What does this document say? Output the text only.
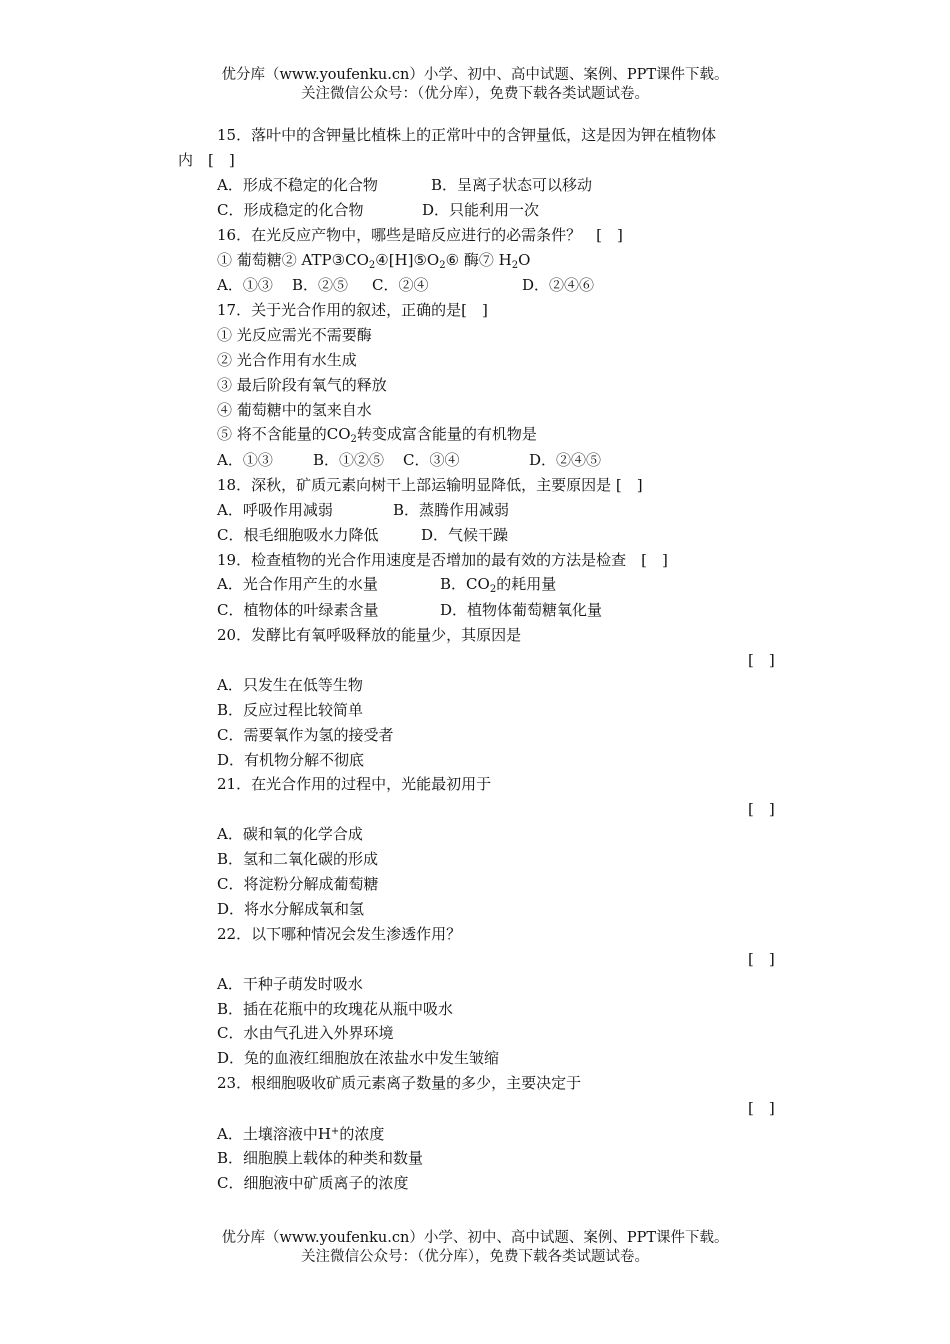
优分库（www.youfenku.cn）小学、初中、高中试题、案例、PPT课件下载。
关注微信公众号：（优分库），免费下载各类试题试卷。
15．落叶中的含钾量比植株上的正常叶中的含钾量低，这是因为钾在植物体
内　[　]
A．形成不稳定的化合物	B．呈离子状态可以移动
C．形成稳定的化合物	D．只能利用一次
16．在光反应产物中，哪些是暗反应进行的必需条件？　[　]
① 葡萄糖② $ATP③CO_2④[H]⑤O_2⑥$ 酶⑦ $H_2O$
A．①③ B．②⑤ C．②④	D．②④⑥
17．关于光合作用的叙述，正确的是[　]
① 光反应需光不需要酶
② 光合作用有水生成
③ 最后阶段有氧气的释放
④ 葡萄糖中的氢来自水
⑤ 将不含能量的$CO_2$转变成富含能量的有机物是
A．①③	B．①②⑤ C．③④	D．②④⑤
18．深秋，矿质元素向树干上部运输明显降低，主要原因是 [　]
A．呼吸作用减弱	B．蒸腾作用减弱
C．根毛细胞吸水力降低	D．气候干躁
19．检查植物的光合作用速度是否增加的最有效的方法是检查　[　]
A．光合作用产生的水量	B．$CO_2$的耗用量
C．植物体的叶绿素含量	D．植物体葡萄糖氧化量
20．发酵比有氧呼吸释放的能量少，其原因是
[　]
A．只发生在低等生物
B．反应过程比较简单
C．需要氧作为氢的接受者
D．有机物分解不彻底
21．在光合作用的过程中，光能最初用于
[　]
A．碳和氧的化学合成
B．氢和二氧化碳的形成
C．将淀粉分解成葡萄糖
D．将水分解成氧和氢
22．以下哪种情况会发生渗透作用？
[　]
A．干种子萌发时吸水
B．插在花瓶中的玫瑰花从瓶中吸水
C．水由气孔进入外界环境
D．兔的血液红细胞放在浓盐水中发生皱缩
23．根细胞吸收矿质元素离子数量的多少，主要决定于
[　]
A．土壤溶液中H+的浓度
B．细胞膜上载体的种类和数量
C．细胞液中矿质离子的浓度
优分库（www.youfenku.cn）小学、初中、高中试题、案例、PPT课件下载。
关注微信公众号：（优分库），免费下载各类试题试卷。
